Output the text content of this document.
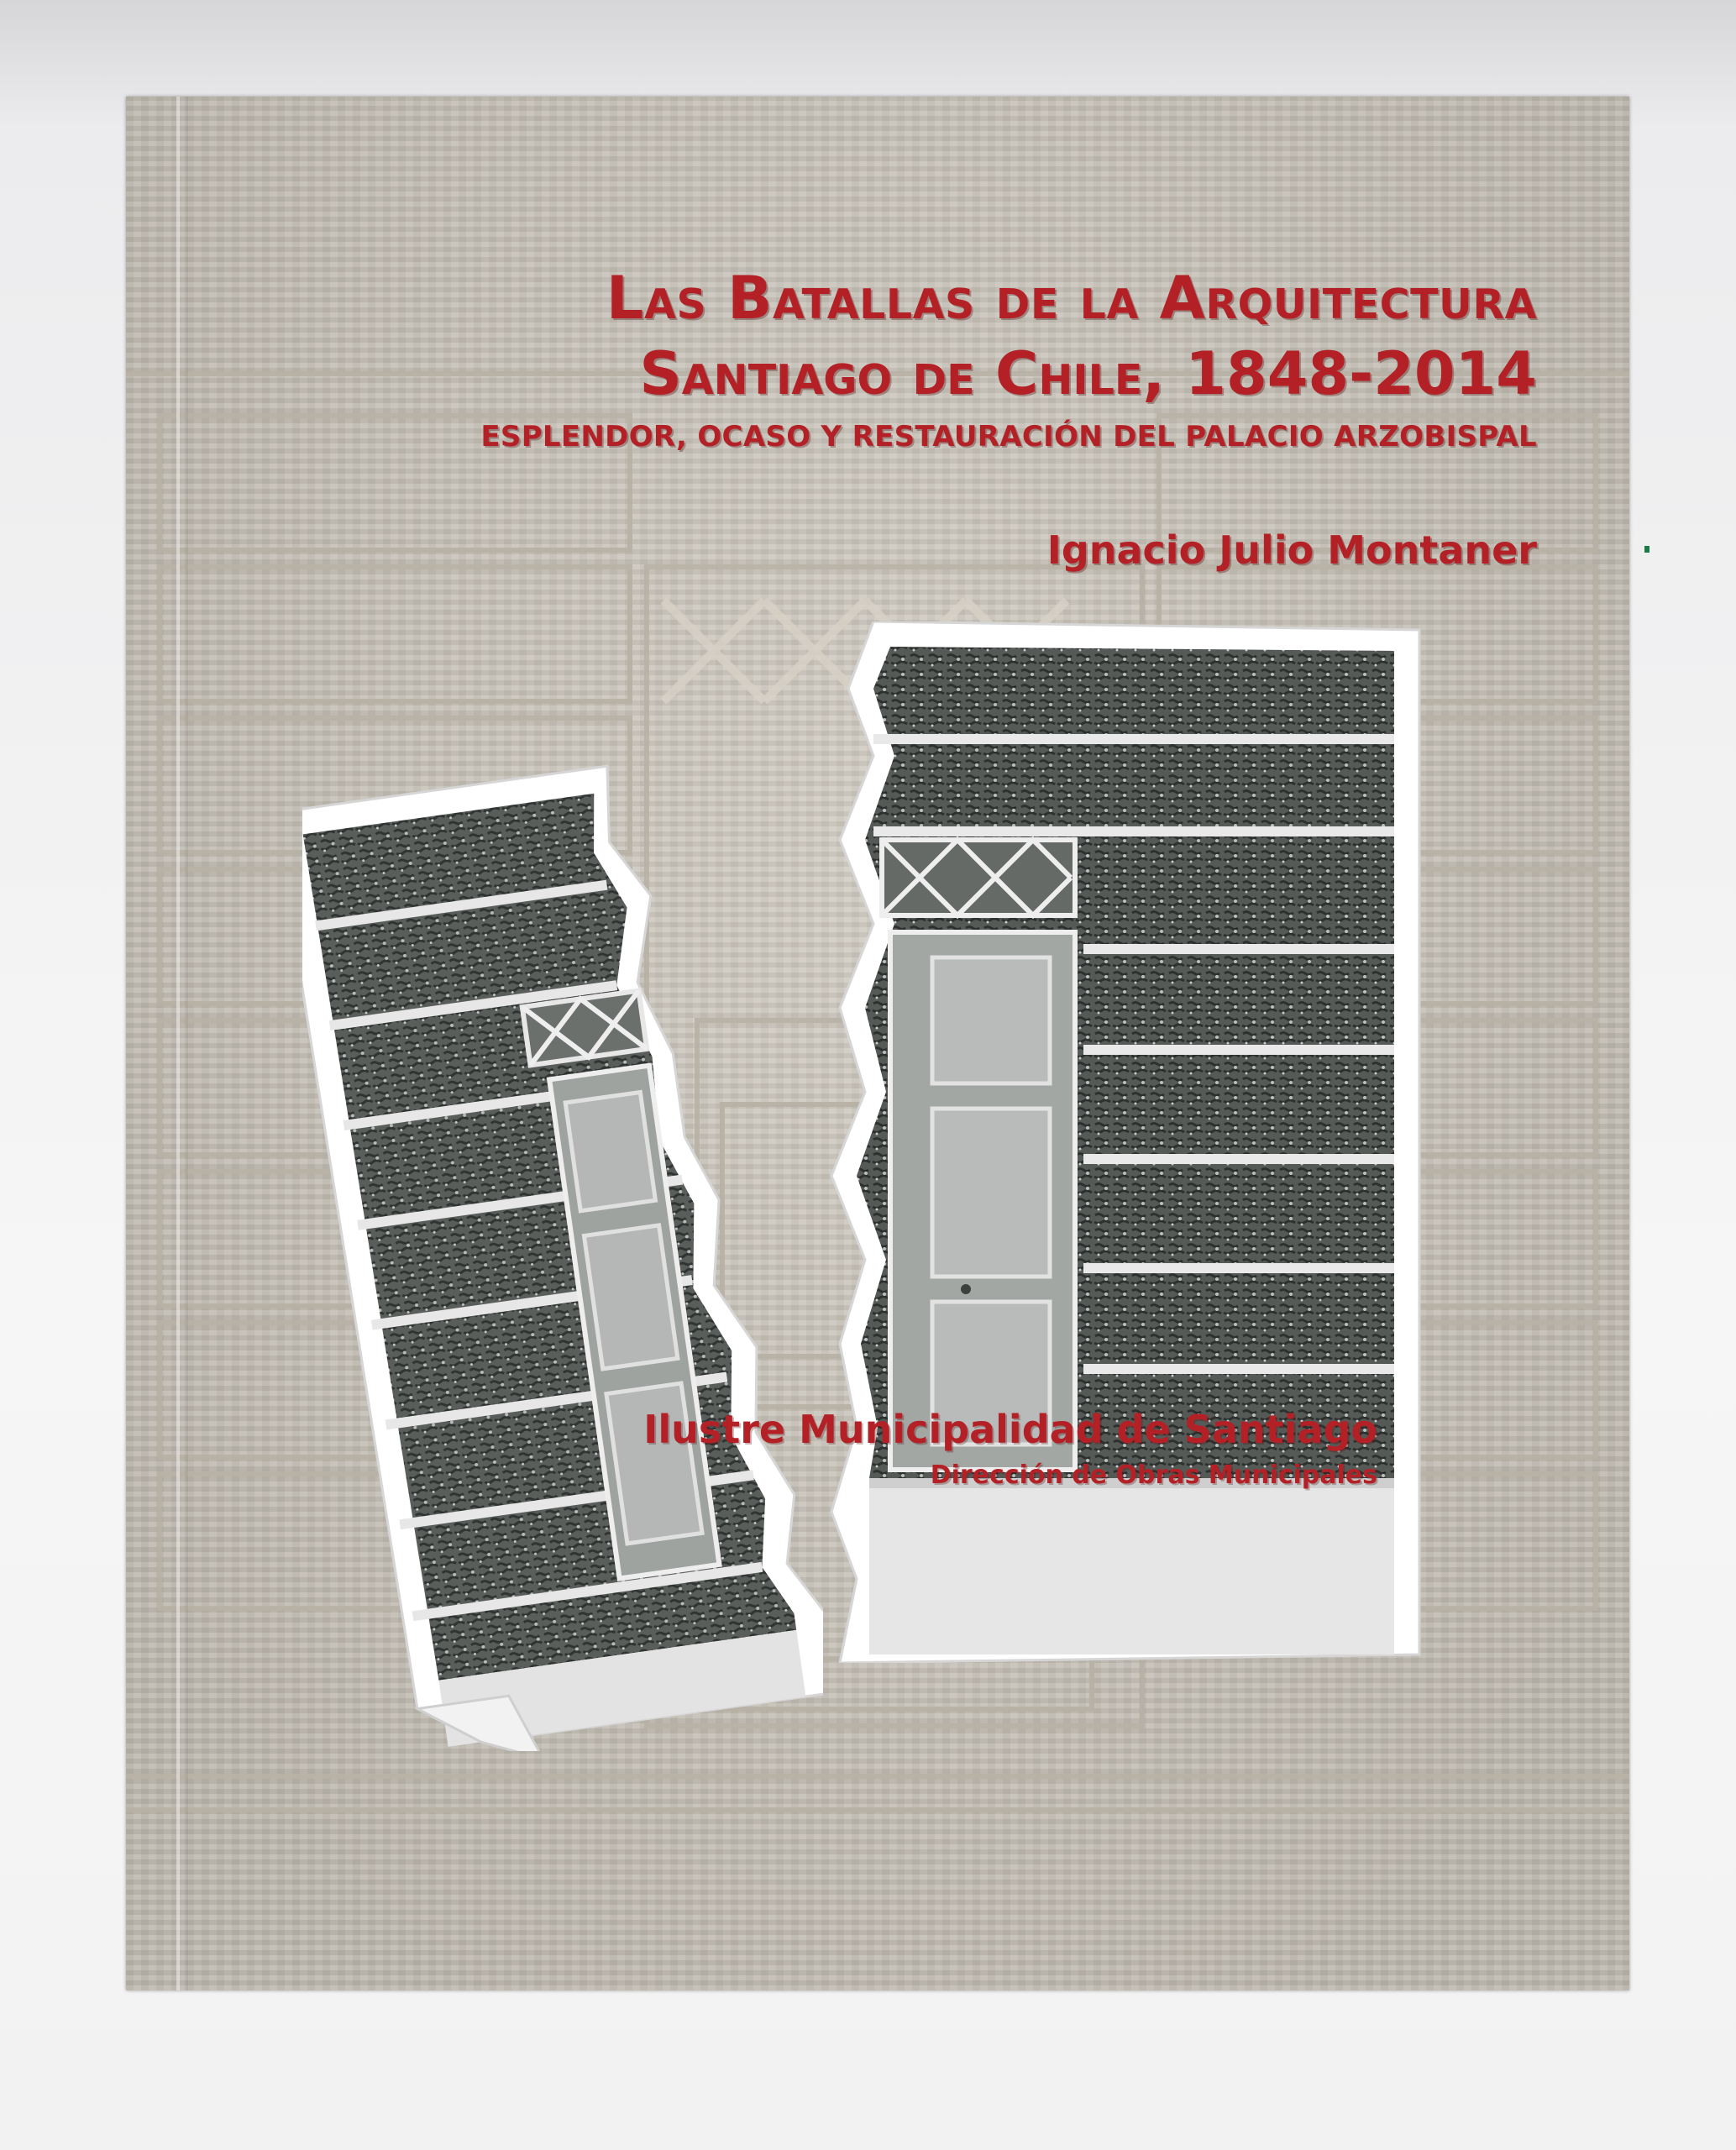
Las Batallas de la Arquitectura
Santiago de Chile, 1848-2014
ESPLENDOR, OCASO Y RESTAURACIÓN DEL PALACIO ARZOBISPAL

Ignacio Julio Montaner

Ilustre Municipalidad de Santiago

Dirección de Obras Municipales
